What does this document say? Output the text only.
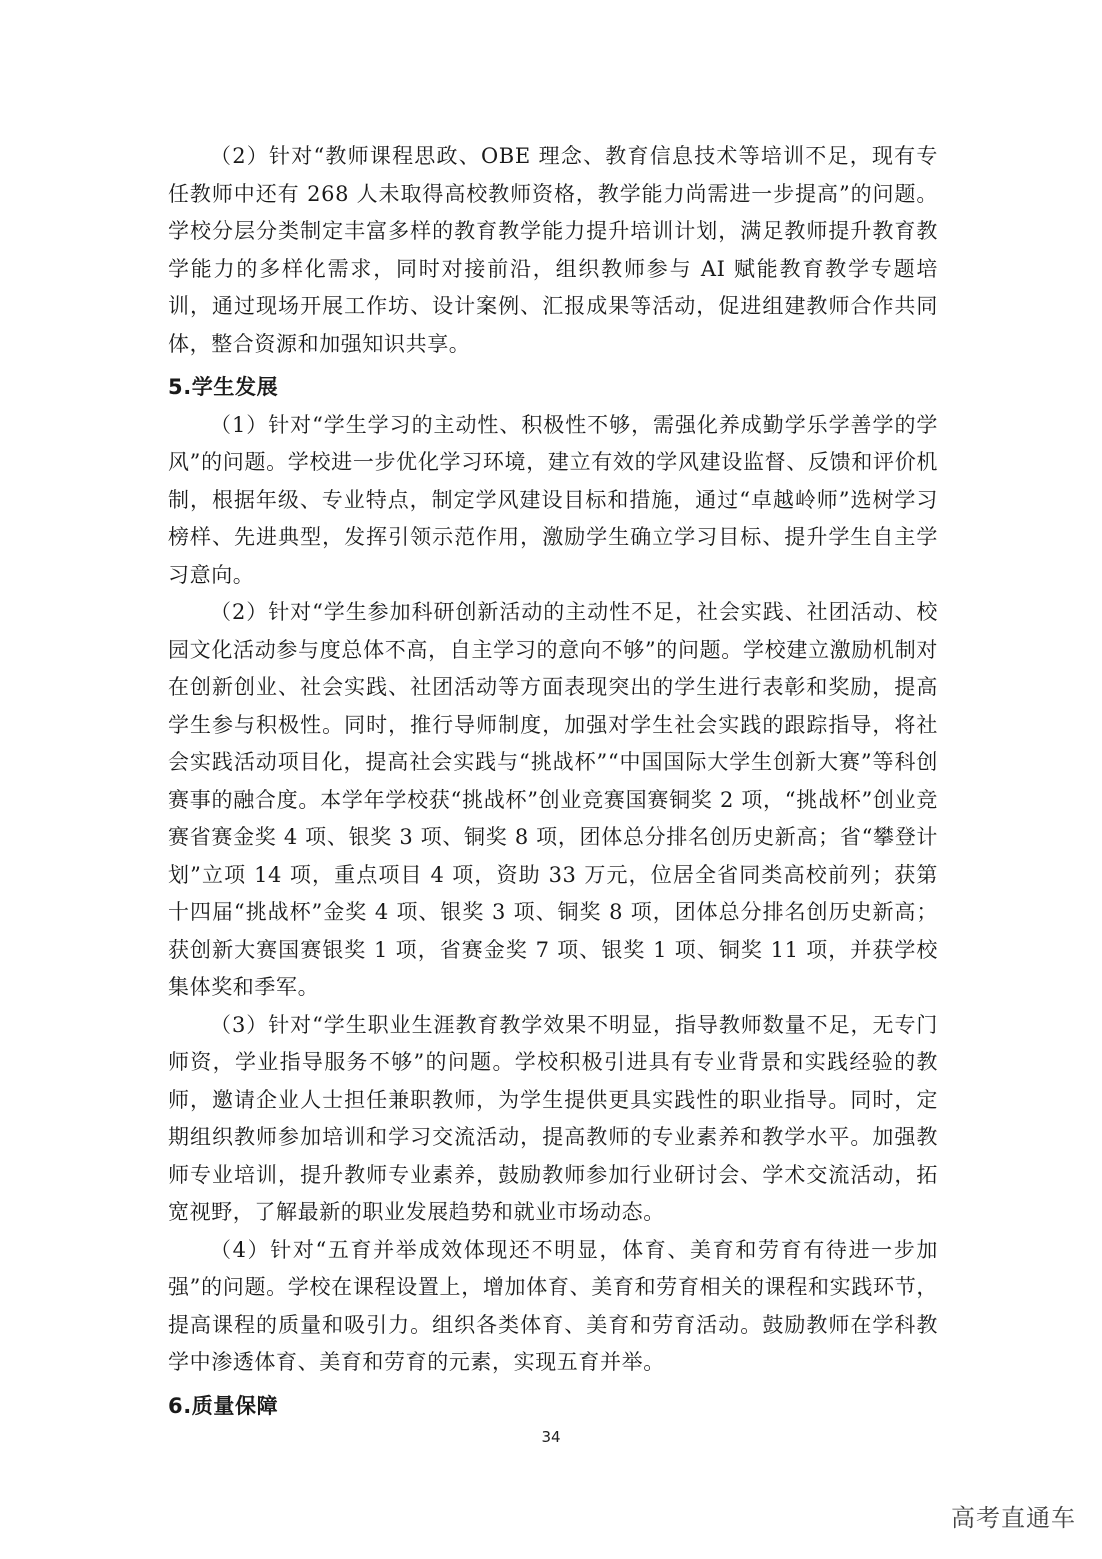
（2）针对“教师课程思政、OBE 理念、教育信息技术等培训不足，现有专任教师中还有 268 人未取得高校教师资格，教学能力尚需进一步提高”的问题。学校分层分类制定丰富多样的教育教学能力提升培训计划，满足教师提升教育教学能力的多样化需求，同时对接前沿，组织教师参与 AI 赋能教育教学专题培训，通过现场开展工作坊、设计案例、汇报成果等活动，促进组建教师合作共同体，整合资源和加强知识共享。

5.学生发展

（1）针对“学生学习的主动性、积极性不够，需强化养成勤学乐学善学的学风”的问题。学校进一步优化学习环境，建立有效的学风建设监督、反馈和评价机制，根据年级、专业特点，制定学风建设目标和措施，通过“卓越岭师”选树学习榜样、先进典型，发挥引领示范作用，激励学生确立学习目标、提升学生自主学习意向。

（2）针对“学生参加科研创新活动的主动性不足，社会实践、社团活动、校园文化活动参与度总体不高，自主学习的意向不够”的问题。学校建立激励机制对在创新创业、社会实践、社团活动等方面表现突出的学生进行表彰和奖励，提高学生参与积极性。同时，推行导师制度，加强对学生社会实践的跟踪指导，将社会实践活动项目化，提高社会实践与“挑战杯”“中国国际大学生创新大赛”等科创赛事的融合度。本学年学校获“挑战杯”创业竞赛国赛铜奖 2 项，“挑战杯”创业竞赛省赛金奖 4 项、银奖 3 项、铜奖 8 项，团体总分排名创历史新高；省“攀登计划”立项 14 项，重点项目 4 项，资助 33 万元，位居全省同类高校前列；获第十四届“挑战杯”金奖 4 项、银奖 3 项、铜奖 8 项，团体总分排名创历史新高；获创新大赛国赛银奖 1 项，省赛金奖 7 项、银奖 1 项、铜奖 11 项，并获学校集体奖和季军。

（3）针对“学生职业生涯教育教学效果不明显，指导教师数量不足，无专门师资，学业指导服务不够”的问题。学校积极引进具有专业背景和实践经验的教师，邀请企业人士担任兼职教师，为学生提供更具实践性的职业指导。同时，定期组织教师参加培训和学习交流活动，提高教师的专业素养和教学水平。加强教师专业培训，提升教师专业素养，鼓励教师参加行业研讨会、学术交流活动，拓宽视野，了解最新的职业发展趋势和就业市场动态。

（4）针对“五育并举成效体现还不明显，体育、美育和劳育有待进一步加强”的问题。学校在课程设置上，增加体育、美育和劳育相关的课程和实践环节，提高课程的质量和吸引力。组织各类体育、美育和劳育活动。鼓励教师在学科教学中渗透体育、美育和劳育的元素，实现五育并举。

6.质量保障
34
高考直通车
